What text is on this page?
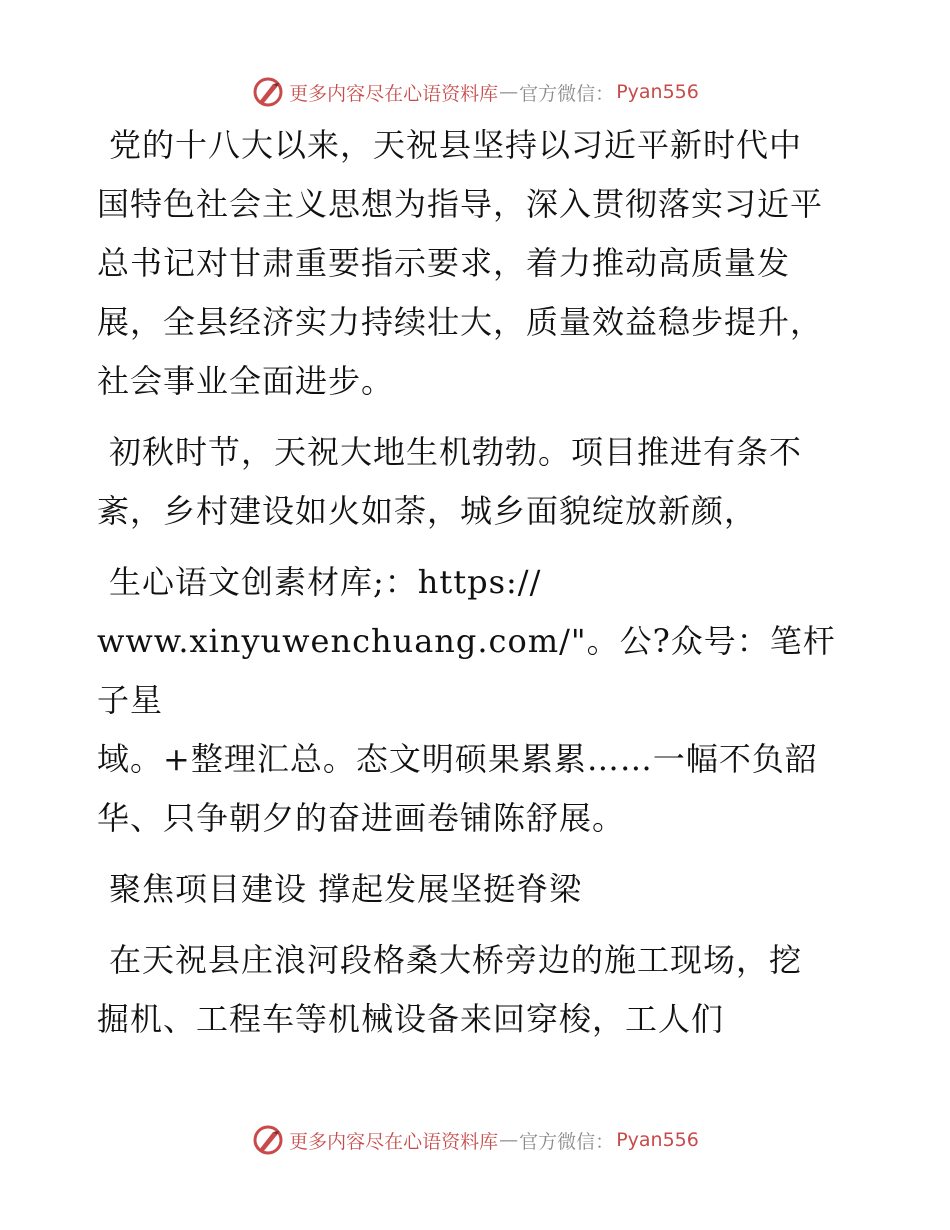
更多内容尽在心语资料库 — 官方微信： Pyan556

党的十八大以来，天祝县坚持以习近平新时代中
国特色社会主义思想为指导，深入贯彻落实习近平
总书记对甘肃重要指示要求，着力推动高质量发
展，全县经济实力持续壮大，质量效益稳步提升，
社会事业全面进步。

初秋时节，天祝大地生机勃勃。项目推进有条不
紊，乡村建设如火如荼，城乡面貌绽放新颜，

生心语文创素材库;：https://
www.xinyuwenchuang.com/"。公?众号：笔杆子星
域。+整理汇总。态文明硕果累累……一幅不负韶
华、只争朝夕的奋进画卷铺陈舒展。

聚焦项目建设 撑起发展坚挺脊梁

在天祝县庄浪河段格桑大桥旁边的施工现场，挖
掘机、工程车等机械设备来回穿梭，工人们

更多内容尽在心语资料库 — 官方微信： Pyan556
